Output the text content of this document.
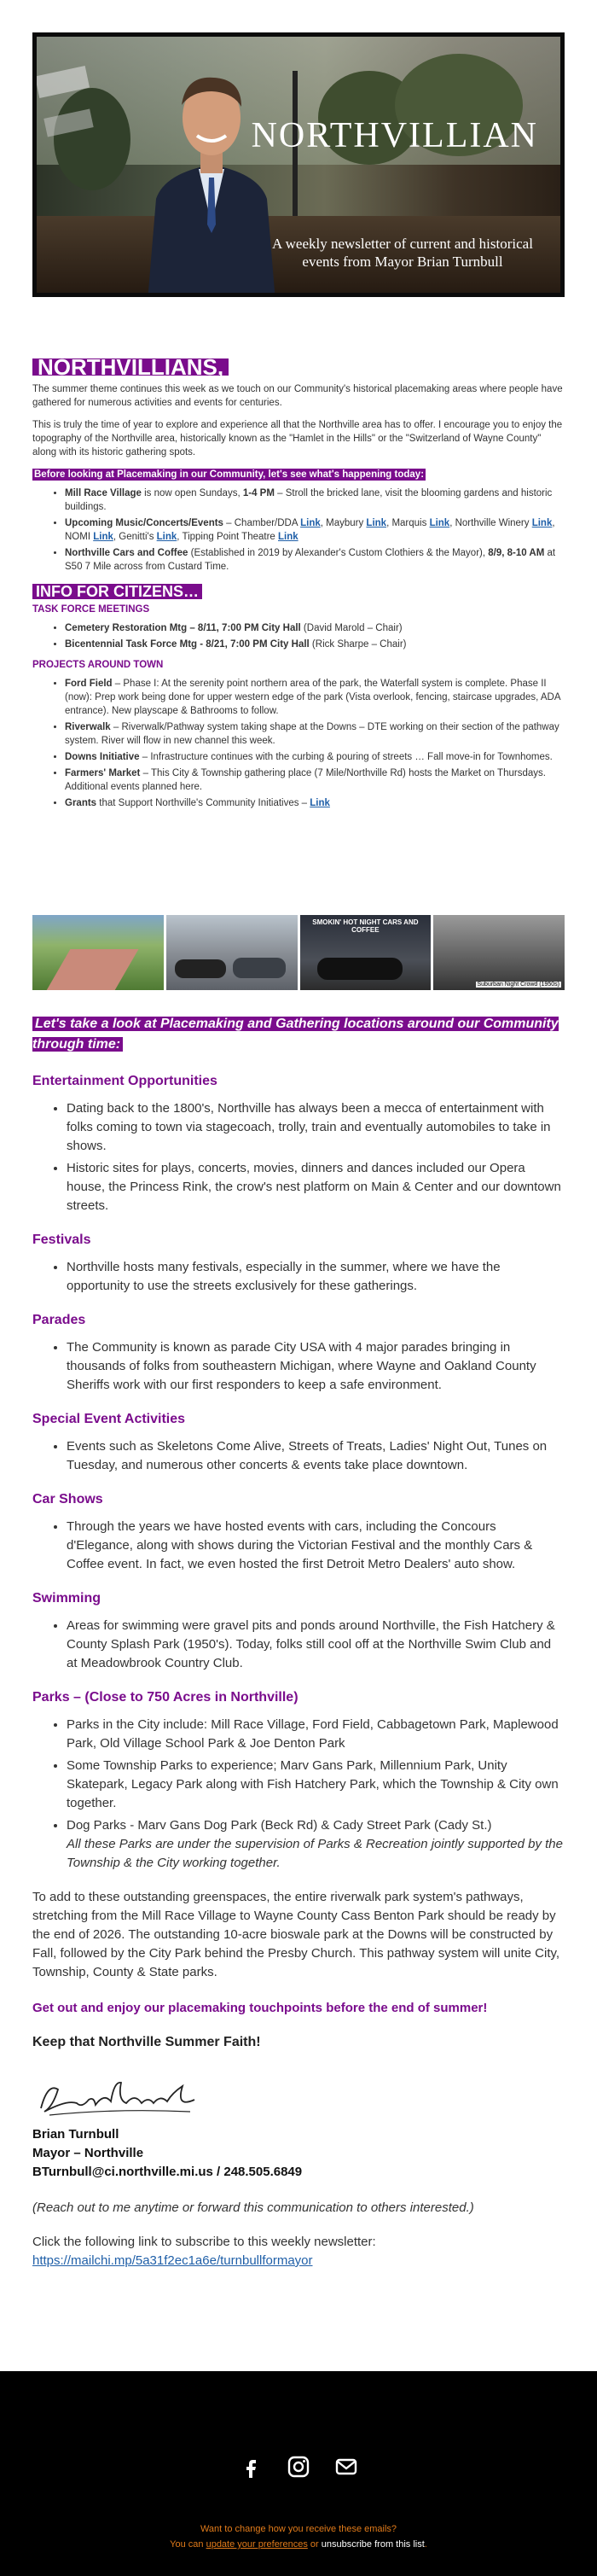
NORTHVILLIAN
A weekly newsletter of current and historical events from Mayor Brian Turnbull
NORTHVILLIANS,

The summer theme continues this week as we touch on our Community's historical placemaking areas where people have gathered for numerous activities and events for centuries.

This is truly the time of year to explore and experience all that the Northville area has to offer. I encourage you to enjoy the topography of the Northville area, historically known as the "Hamlet in the Hills" or the "Switzerland of Wayne County" along with its historic gathering spots.

Before looking at Placemaking in our Community, let's see what's happening today:
• Mill Race Village is now open Sundays, 1-4 PM – Stroll the bricked lane, visit the blooming gardens and historic buildings.
• Upcoming Music/Concerts/Events – Chamber/DDA Link, Maybury Link, Marquis Link, Northville Winery Link, NOMI Link, Genitti's Link, Tipping Point Theatre Link
• Northville Cars and Coffee (Established in 2019 by Alexander's Custom Clothiers & the Mayor), 8/9, 8-10 AM at S50 7 Mile across from Custard Time.
INFO FOR CITIZENS…
TASK FORCE MEETINGS
• Cemetery Restoration Mtg – 8/11, 7:00 PM City Hall (David Marold – Chair)
• Bicentennial Task Force Mtg - 8/21, 7:00 PM City Hall (Rick Sharpe – Chair)
PROJECTS AROUND TOWN
• Ford Field – Phase I: At the serenity point northern area of the park, the Waterfall system is complete. Phase II (now): Prep work being done for upper western edge of the park (Vista overlook, fencing, staircase upgrades, ADA entrance). New playscape & Bathrooms to follow.
• Riverwalk – Riverwalk/Pathway system taking shape at the Downs – DTE working on their section of the pathway system. River will flow in new channel this week.
• Downs Initiative – Infrastructure continues with the curbing & pouring of streets … Fall move-in for Townhomes.
• Farmers' Market – This City & Township gathering place (7 Mile/Northville Rd) hosts the Market on Thursdays. Additional events planned here.
• Grants that Support Northville's Community Initiatives – Link
SMOKIN' HOT NIGHT CARS AND COFFEE
Suburban Night Crowd (1950s)
Let's take a look at Placemaking and Gathering locations around our Community through time:
Entertainment Opportunities
• Dating back to the 1800's, Northville has always been a mecca of entertainment with folks coming to town via stagecoach, trolly, train and eventually automobiles to take in shows.
• Historic sites for plays, concerts, movies, dinners and dances included our Opera house, the Princess Rink, the crow's nest platform on Main & Center and our downtown streets.
Festivals
• Northville hosts many festivals, especially in the summer, where we have the opportunity to use the streets exclusively for these gatherings.
Parades
• The Community is known as parade City USA with 4 major parades bringing in thousands of folks from southeastern Michigan, where Wayne and Oakland County Sheriffs work with our first responders to keep a safe environment.
Special Event Activities
• Events such as Skeletons Come Alive, Streets of Treats, Ladies' Night Out, Tunes on Tuesday, and numerous other concerts & events take place downtown.
Car Shows
• Through the years we have hosted events with cars, including the Concours d'Elegance, along with shows during the Victorian Festival and the monthly Cars & Coffee event. In fact, we even hosted the first Detroit Metro Dealers' auto show.
Swimming
• Areas for swimming were gravel pits and ponds around Northville, the Fish Hatchery & County Splash Park (1950's). Today, folks still cool off at the Northville Swim Club and at Meadowbrook Country Club.
Parks – (Close to 750 Acres in Northville)
• Parks in the City include: Mill Race Village, Ford Field, Cabbagetown Park, Maplewood Park, Old Village School Park & Joe Denton Park
• Some Township Parks to experience; Marv Gans Park, Millennium Park, Unity Skatepark, Legacy Park along with Fish Hatchery Park, which the Township & City own together.
• Dog Parks - Marv Gans Dog Park (Beck Rd) & Cady Street Park (Cady St.)
All these Parks are under the supervision of Parks & Recreation jointly supported by the Township & the City working together.

To add to these outstanding greenspaces, the entire riverwalk park system's pathways, stretching from the Mill Race Village to Wayne County Cass Benton Park should be ready by the end of 2026. The outstanding 10-acre bioswale park at the Downs will be constructed by Fall, followed by the City Park behind the Presby Church. This pathway system will unite City, Township, County & State parks.

Get out and enjoy our placemaking touchpoints before the end of summer!

Keep that Northville Summer Faith!

Brian Turnbull
Mayor – Northville
BTurnbull@ci.northville.mi.us / 248.505.6849

(Reach out to me anytime or forward this communication to others interested.)

Click the following link to subscribe to this weekly newsletter:
https://mailchi.mp/5a31f2ec1a6e/turnbullformayor
Want to change how you receive these emails?
You can update your preferences or unsubscribe from this list.
